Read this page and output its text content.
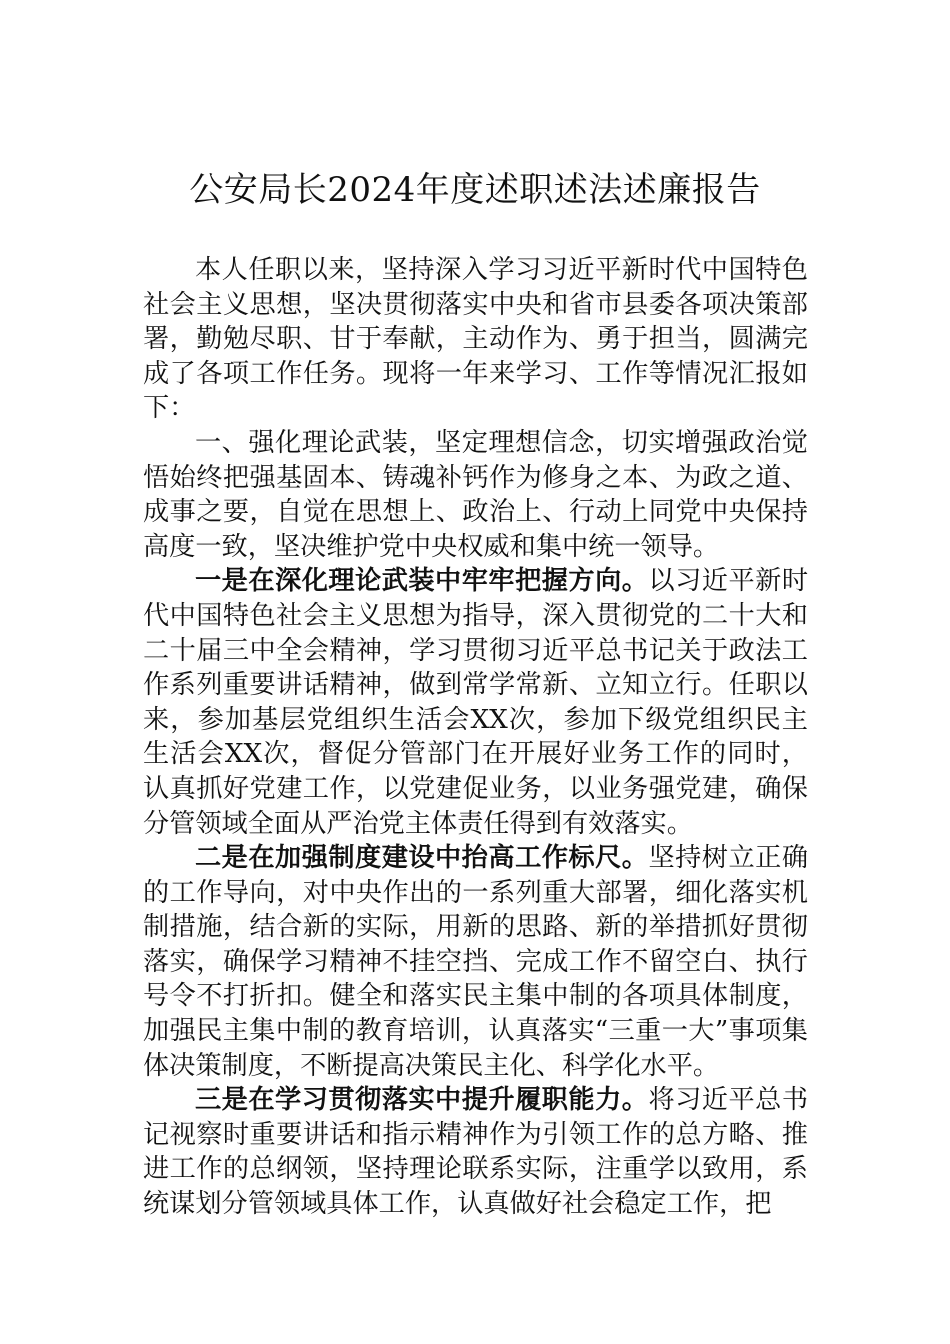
公安局长2024年度述职述法述廉报告

本人任职以来，坚持深入学习习近平新时代中国特色社会主义思想，坚决贯彻落实中央和省市县委各项决策部署，勤勉尽职、甘于奉献，主动作为、勇于担当，圆满完成了各项工作任务。现将一年来学习、工作等情况汇报如下：

一、强化理论武装，坚定理想信念，切实增强政治觉悟始终把强基固本、铸魂补钙作为修身之本、为政之道、成事之要，自觉在思想上、政治上、行动上同党中央保持高度一致，坚决维护党中央权威和集中统一领导。

一是在深化理论武装中牢牢把握方向。以习近平新时代中国特色社会主义思想为指导，深入贯彻党的二十大和二十届三中全会精神，学习贯彻习近平总书记关于政法工作系列重要讲话精神，做到常学常新、立知立行。任职以来，参加基层党组织生活会XX次，参加下级党组织民主生活会XX次，督促分管部门在开展好业务工作的同时，认真抓好党建工作，以党建促业务，以业务强党建，确保分管领域全面从严治党主体责任得到有效落实。

二是在加强制度建设中抬高工作标尺。坚持树立正确的工作导向，对中央作出的一系列重大部署，细化落实机制措施，结合新的实际，用新的思路、新的举措抓好贯彻落实，确保学习精神不挂空挡、完成工作不留空白、执行号令不打折扣。健全和落实民主集中制的各项具体制度，加强民主集中制的教育培训，认真落实“三重一大”事项集体决策制度，不断提高决策民主化、科学化水平。

三是在学习贯彻落实中提升履职能力。将习近平总书记视察时重要讲话和指示精神作为引领工作的总方略、推进工作的总纲领，坚持理论联系实际，注重学以致用，系统谋划分管领域具体工作，认真做好社会稳定工作，把
